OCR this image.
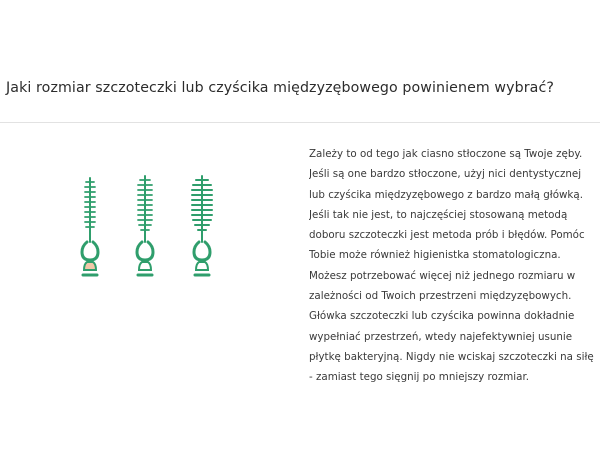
Jaki rozmiar szczoteczki lub czyścika międzyzębowego powinienem wybrać?
Zależy to od tego jak ciasno stłoczone są Twoje zęby.
Jeśli są one bardzo stłoczone, użyj nici dentystycznej
lub czyścika międzyzębowego z bardzo małą główką.
Jeśli tak nie jest, to najczęściej stosowaną metodą
doboru szczoteczki jest metoda prób i błędów. Pomóc
Tobie może również higienistka stomatologiczna.
Możesz potrzebować więcej niż jednego rozmiaru w
zależności od Twoich przestrzeni międzyzębowych.
Główka szczoteczki lub czyścika powinna dokładnie
wypełniać przestrzeń, wtedy najefektywniej usunie
płytkę bakteryjną. Nigdy nie wciskaj szczoteczki na siłę
- zamiast tego sięgnij po mniejszy rozmiar.
